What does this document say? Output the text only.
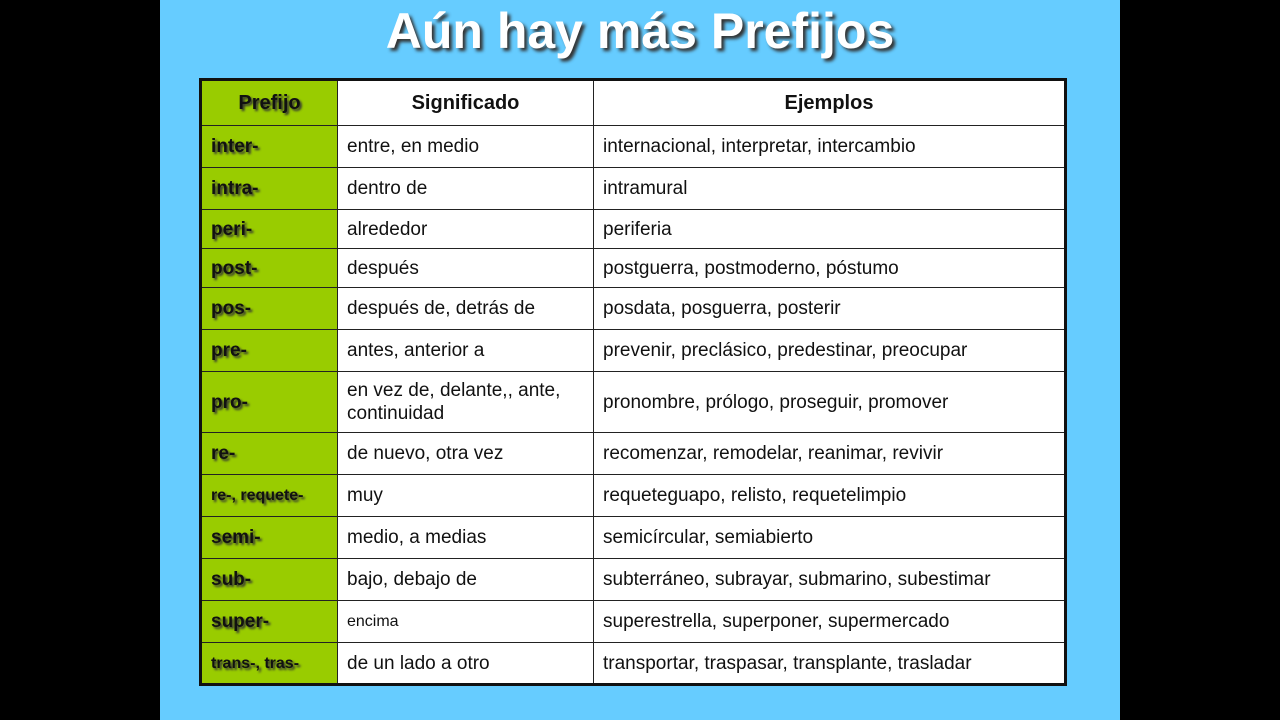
Aún hay más Prefijos
Prefijo	Significado	Ejemplos
inter-	entre, en medio	internacional, interpretar, intercambio
intra-	dentro de	intramural
peri-	alrededor	periferia
post-	después	postguerra, postmoderno, póstumo
pos-	después de, detrás de	posdata, posguerra, posterir
pre-	antes, anterior a	prevenir, preclásico, predestinar, preocupar
pro-	en vez de, delante,, ante, continuidad	pronombre, prólogo, proseguir, promover
re-	de nuevo, otra vez	recomenzar, remodelar, reanimar, revivir
re-, requete-	muy	requeteguapo, relisto, requetelimpio
semi-	medio, a medias	semicírcular, semiabierto
sub-	bajo, debajo de	subterráneo, subrayar, submarino, subestimar
super-	encima	superestrella, superponer, supermercado
trans-, tras-	de un lado a otro	transportar, traspasar, transplante, trasladar
